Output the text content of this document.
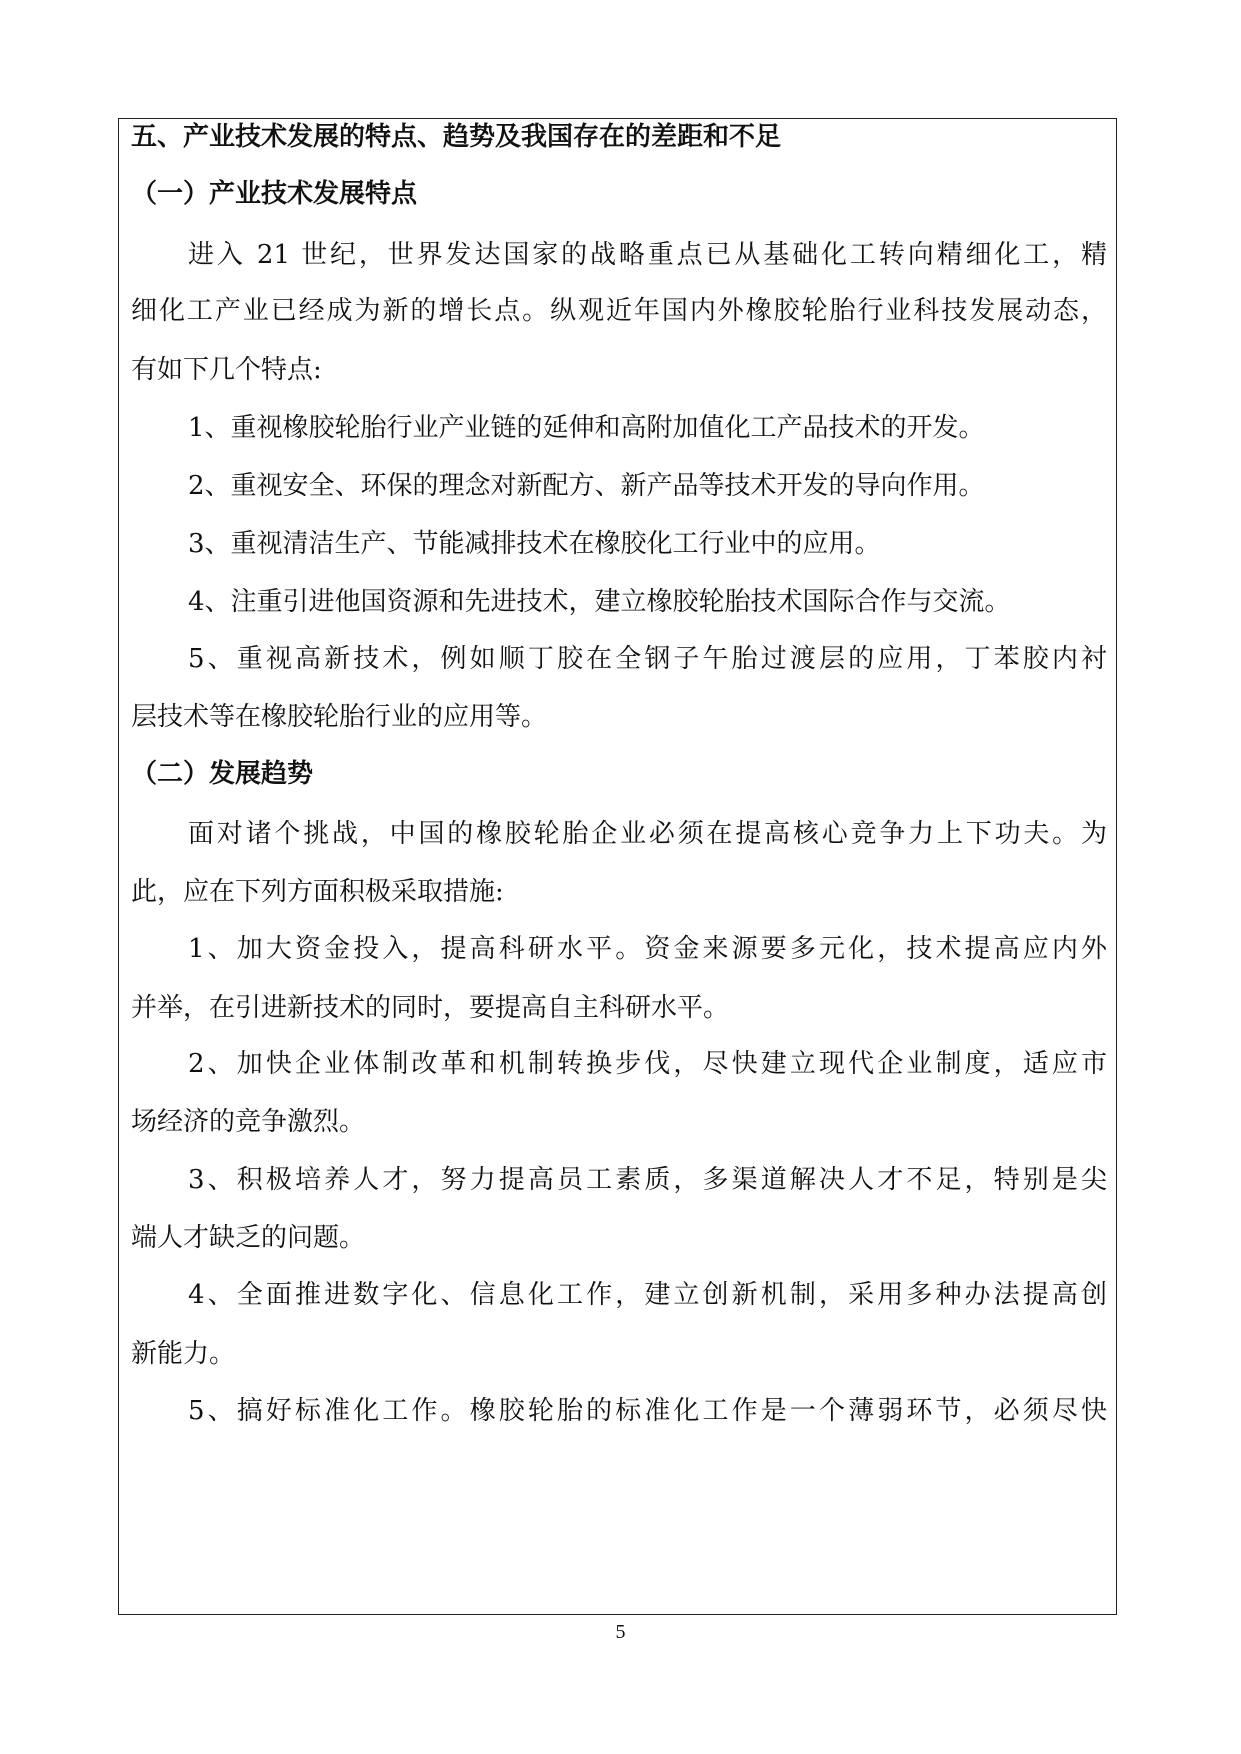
五、产业技术发展的特点、趋势及我国存在的差距和不足
（一）产业技术发展特点
进入 21 世纪，世界发达国家的战略重点已从基础化工转向精细化工，精
细化工产业已经成为新的增长点。纵观近年国内外橡胶轮胎行业科技发展动态，
有如下几个特点:
1、重视橡胶轮胎行业产业链的延伸和高附加值化工产品技术的开发。
2、重视安全、环保的理念对新配方、新产品等技术开发的导向作用。
3、重视清洁生产、节能减排技术在橡胶化工行业中的应用。
4、注重引进他国资源和先进技术，建立橡胶轮胎技术国际合作与交流。
5、重视高新技术，例如顺丁胶在全钢子午胎过渡层的应用，丁苯胶内衬
层技术等在橡胶轮胎行业的应用等。
（二）发展趋势
面对诸个挑战，中国的橡胶轮胎企业必须在提高核心竞争力上下功夫。为
此，应在下列方面积极采取措施:
1、加大资金投入，提高科研水平。资金来源要多元化，技术提高应内外
并举，在引进新技术的同时，要提高自主科研水平。
2、加快企业体制改革和机制转换步伐，尽快建立现代企业制度，适应市
场经济的竞争激烈。
3、积极培养人才，努力提高员工素质，多渠道解决人才不足，特别是尖
端人才缺乏的问题。
4、全面推进数字化、信息化工作，建立创新机制，采用多种办法提高创
新能力。
5、搞好标准化工作。橡胶轮胎的标准化工作是一个薄弱环节，必须尽快
5
